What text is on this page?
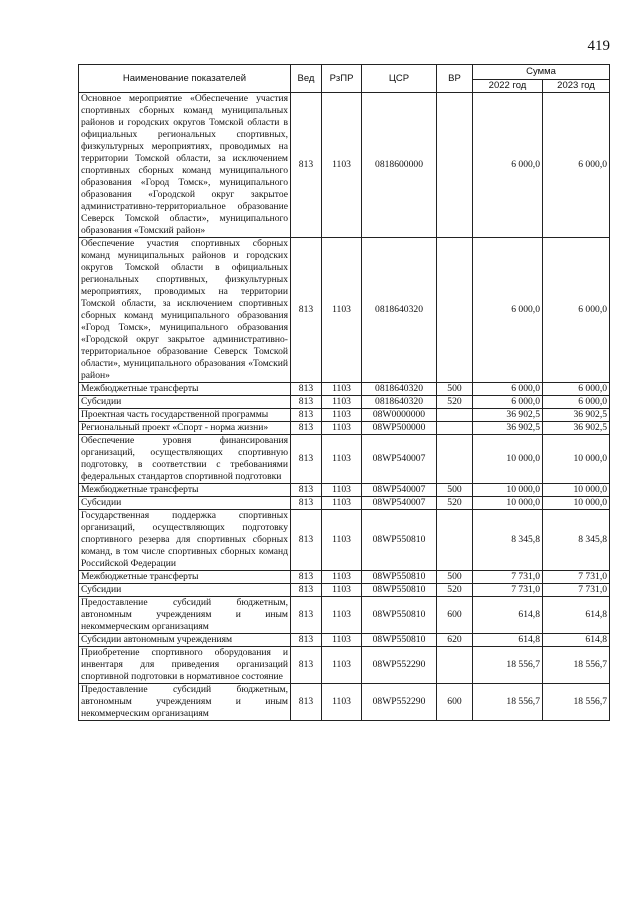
419
Наименование показателей	Вед	РзПР	ЦСР	ВР	Сумма	
					2022 год	2023 год
Основное мероприятие «Обеспечение участия спортивных сборных команд муниципальных районов и городских округов Томской области в официальных региональных спортивных, физкультурных мероприятиях, проводимых на территории Томской области, за исключением спортивных сборных команд муниципального образования «Город Томск», муниципального образования «Городской округ закрытое административно-территориальное образование Северск Томской области», муниципального образования «Томский район»	813	1103	0818600000		6 000,0	6 000,0
Обеспечение участия спортивных сборных команд муниципальных районов и городских округов Томской области в официальных региональных спортивных, физкультурных мероприятиях, проводимых на территории Томской области, за исключением спортивных сборных команд муниципального образования «Город Томск», муниципального образования «Городской округ закрытое административно-территориальное образование Северск Томской области», муниципального образования «Томский район»	813	1103	0818640320		6 000,0	6 000,0
Межбюджетные трансферты	813	1103	0818640320	500	6 000,0	6 000,0
Субсидии	813	1103	0818640320	520	6 000,0	6 000,0
Проектная часть государственной программы	813	1103	08W0000000		36 902,5	36 902,5
Региональный проект «Спорт - норма жизни»	813	1103	08WP500000		36 902,5	36 902,5
Обеспечение уровня финансирования организаций, осуществляющих спортивную подготовку, в соответствии с требованиями федеральных стандартов спортивной подготовки	813	1103	08WP540007		10 000,0	10 000,0
Межбюджетные трансферты	813	1103	08WP540007	500	10 000,0	10 000,0
Субсидии	813	1103	08WP540007	520	10 000,0	10 000,0
Государственная поддержка спортивных организаций, осуществляющих подготовку спортивного резерва для спортивных сборных команд, в том числе спортивных сборных команд Российской Федерации	813	1103	08WP550810		8 345,8	8 345,8
Межбюджетные трансферты	813	1103	08WP550810	500	7 731,0	7 731,0
Субсидии	813	1103	08WP550810	520	7 731,0	7 731,0
Предоставление субсидий бюджетным, автономным учреждениям и иным некоммерческим организациям	813	1103	08WP550810	600	614,8	614,8
Субсидии автономным учреждениям	813	1103	08WP550810	620	614,8	614,8
Приобретение спортивного оборудования и инвентаря для приведения организаций спортивной подготовки в нормативное состояние	813	1103	08WP552290		18 556,7	18 556,7
Предоставление субсидий бюджетным, автономным учреждениям и иным некоммерческим организациям	813	1103	08WP552290	600	18 556,7	18 556,7
